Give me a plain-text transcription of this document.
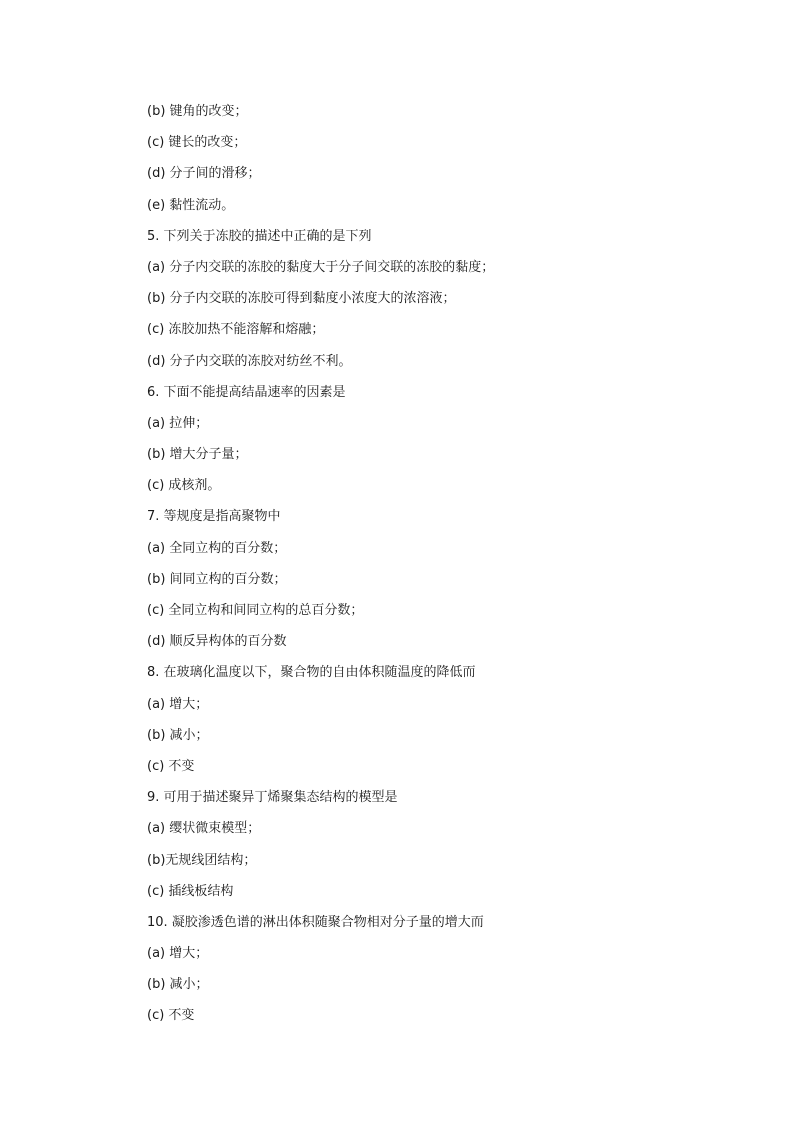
(b) 键角的改变；
(c) 键长的改变；
(d) 分子间的滑移；
(e) 黏性流动。
5. 下列关于冻胶的描述中正确的是下列
(a) 分子内交联的冻胶的黏度大于分子间交联的冻胶的黏度；
(b) 分子内交联的冻胶可得到黏度小浓度大的浓溶液；
(c) 冻胶加热不能溶解和熔融；
(d) 分子内交联的冻胶对纺丝不利。
6. 下面不能提高结晶速率的因素是
(a) 拉伸；
(b) 增大分子量；
(c) 成核剂。
7. 等规度是指高聚物中
(a) 全同立构的百分数；
(b) 间同立构的百分数；
(c) 全同立构和间同立构的总百分数；
(d) 顺反异构体的百分数
8. 在玻璃化温度以下，聚合物的自由体积随温度的降低而
(a) 增大；
(b) 减小；
(c) 不变
9. 可用于描述聚异丁烯聚集态结构的模型是
(a) 缨状微束模型；
(b)无规线团结构；
(c) 插线板结构
10. 凝胶渗透色谱的淋出体积随聚合物相对分子量的增大而
(a) 增大；
(b) 减小；
(c) 不变
